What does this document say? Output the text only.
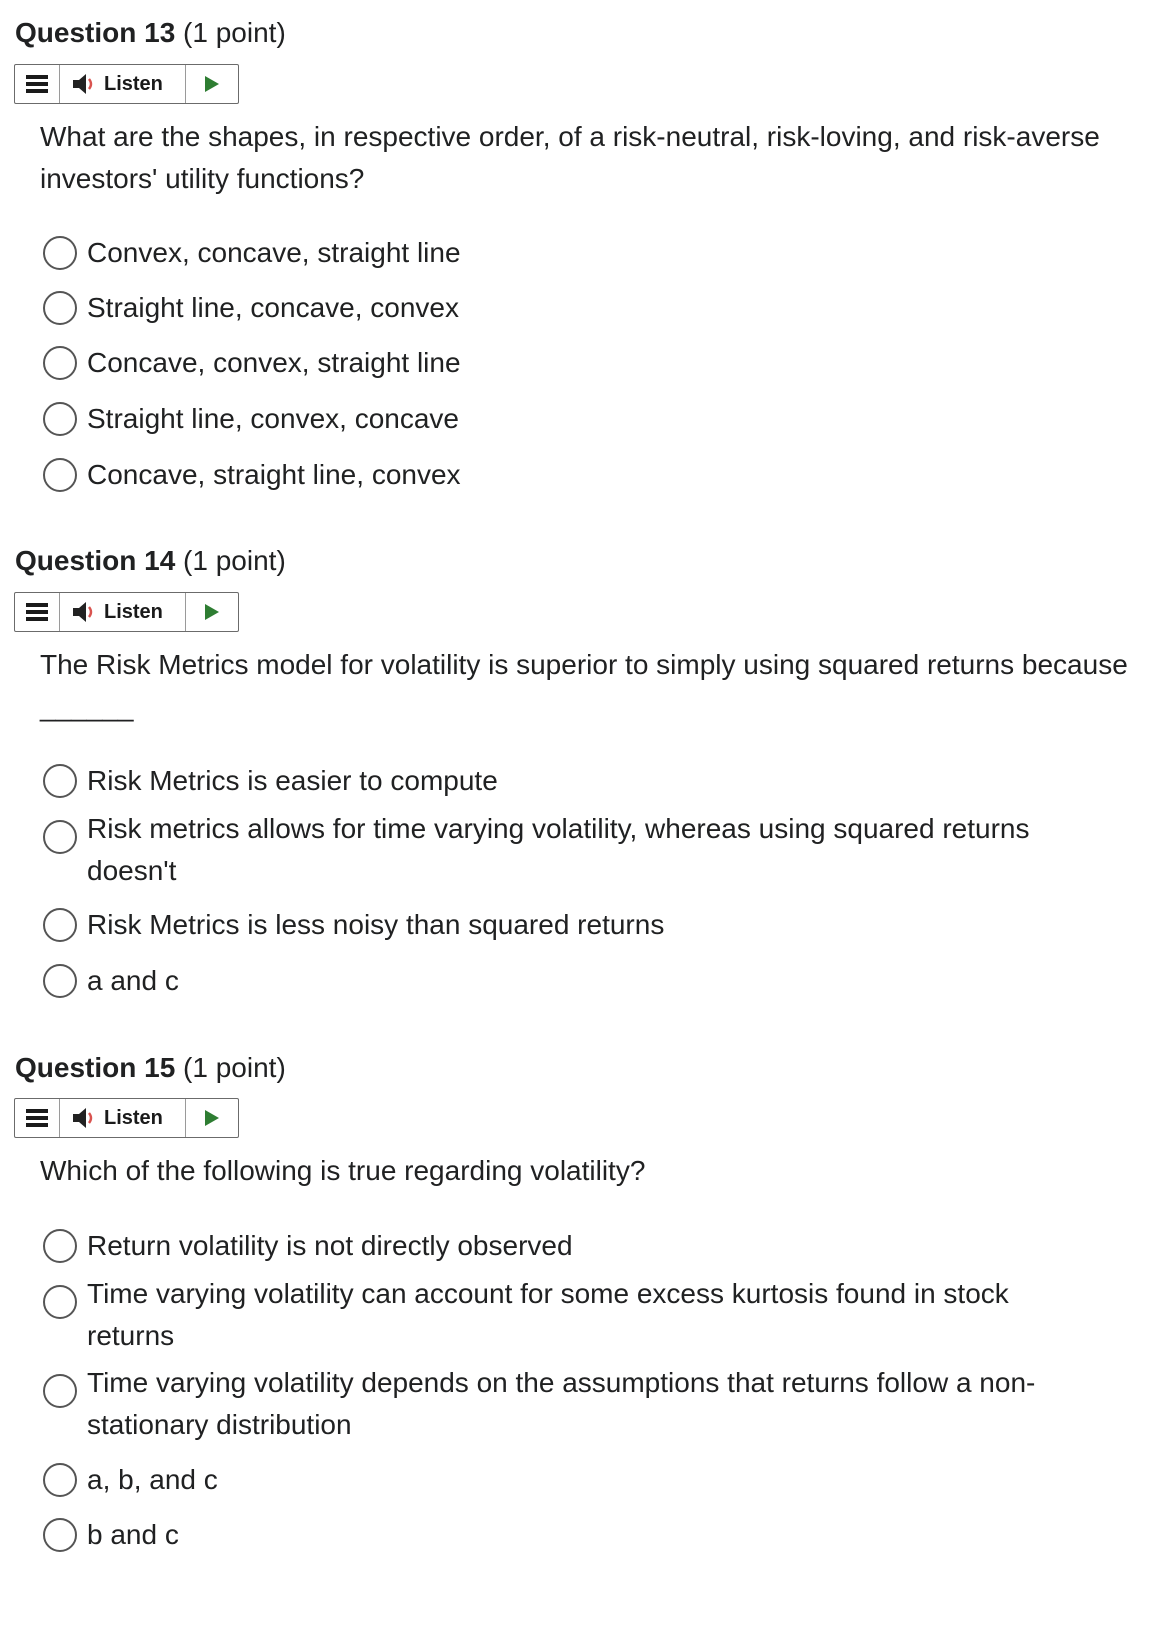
Question 13 (1 point)
Listen
What are the shapes, in respective order, of a risk-neutral, risk-loving, and risk-averse investors' utility functions?
Convex, concave, straight line
Straight line, concave, convex
Concave, convex, straight line
Straight line, convex, concave
Concave, straight line, convex
Question 14 (1 point)
Listen
The Risk Metrics model for volatility is superior to simply using squared returns because ______
Risk Metrics is easier to compute
Risk metrics allows for time varying volatility, whereas using squared returns doesn't
Risk Metrics is less noisy than squared returns
a and c
Question 15 (1 point)
Listen
Which of the following is true regarding volatility?
Return volatility is not directly observed
Time varying volatility can account for some excess kurtosis found in stock returns
Time varying volatility depends on the assumptions that returns follow a non-stationary distribution
a, b, and c
b and c
